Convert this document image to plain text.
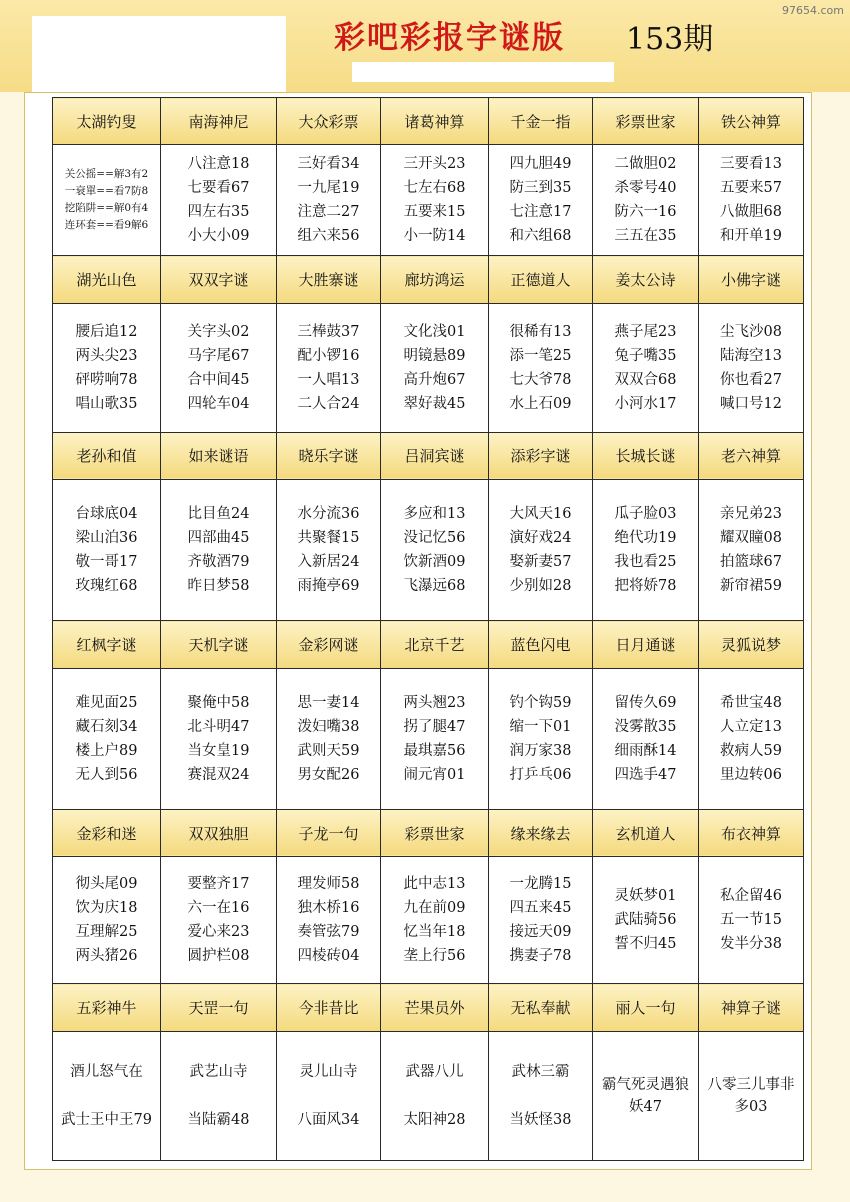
彩吧彩报字谜版 153期
97654.com
太湖钓叟	南海神尼	大众彩票	诸葛神算	千金一指	彩票世家	铁公神算

关公摇==解3有2
一衰單==看7防8
挖陷阱==解0有4
连环套==看9解6	八注意18
七要看67
四左右35
小大小09	三好看34
一九尾19
注意二27
组六来56	三开头23
七左右68
五要来15
小一防14	四九胆49
防三到35
七注意17
和六组68	二做胆02
杀零号40
防六一16
三五在35	三要看13
五要来57
八做胆68
和开单19

湖光山色	双双字谜	大胜寨谜	廊坊鸿运	正德道人	姜太公诗	小佛字谜

腰后追12
两头尖23
砰唠响78
唱山歌35	关字头02
马字尾67
合中间45
四轮车04	三棒鼓37
配小锣16
一人唱13
二人合24	文化浅01
明镜悬89
高升炮67
翠好裁45	很稀有13
添一笔25
七大爷78
水上石09	燕子尾23
兔子嘴35
双双合68
小河水17	尘飞沙08
陆海空13
你也看27
喊口号12

老孙和值	如来谜语	晓乐字谜	吕洞宾谜	添彩字谜	长城长谜	老六神算

台球底04
梁山泊36
敬一哥17
玫瑰红68	比目鱼24
四部曲45
齐敬酒79
昨日梦58	水分流36
共聚餐15
入新居24
雨掩亭69	多应和13
没记忆56
饮新酒09
飞瀑远68	大风天16
演好戏24
娶新妻57
少别如28	瓜子脸03
绝代功19
我也看25
把将娇78	亲兄弟23
耀双瞳08
拍篮球67
新帘裙59

红枫字谜	天机字谜	金彩网谜	北京千艺	蓝色闪电	日月通谜	灵狐说梦

难见面25
藏石刻34
楼上户89
无人到56	聚俺中58
北斗明47
当女皇19
赛混双24	思一妻14
泼妇嘴38
武则天59
男女配26	两头翘23
拐了腿47
最琪嘉56
闹元宵01	钓个钩59
缩一下01
润万家38
打乒乓06	留传久69
没雾散35
细雨酥14
四选手47	希世宝48
人立定13
救病人59
里边转06

金彩和迷	双双独胆	子龙一句	彩票世家	缘来缘去	玄机道人	布衣神算

彻头尾09
饮为庆18
互理解25
两头猪26	要整齐17
六一在16
爱心来23
圆护栏08	理发师58
独木桥16
奏管弦79
四棱砖04	此中志13
九在前09
忆当年18
垄上行56	一龙腾15
四五来45
接远天09
携妻子78	灵妖梦01
武陆骑56
誓不归45	私企留46
五一节15
发半分38

五彩神牛	天罡一句	今非昔比	芒果员外	无私奉献	丽人一句	神算子谜

酒儿怒气在
武士王中王79	武艺山寺
当陆霸48	灵儿山寺
八面风34	武器八儿
太阳神28	武林三霸
当妖怪38	霸气死灵遇狼
妖47	八零三儿事非
多03
